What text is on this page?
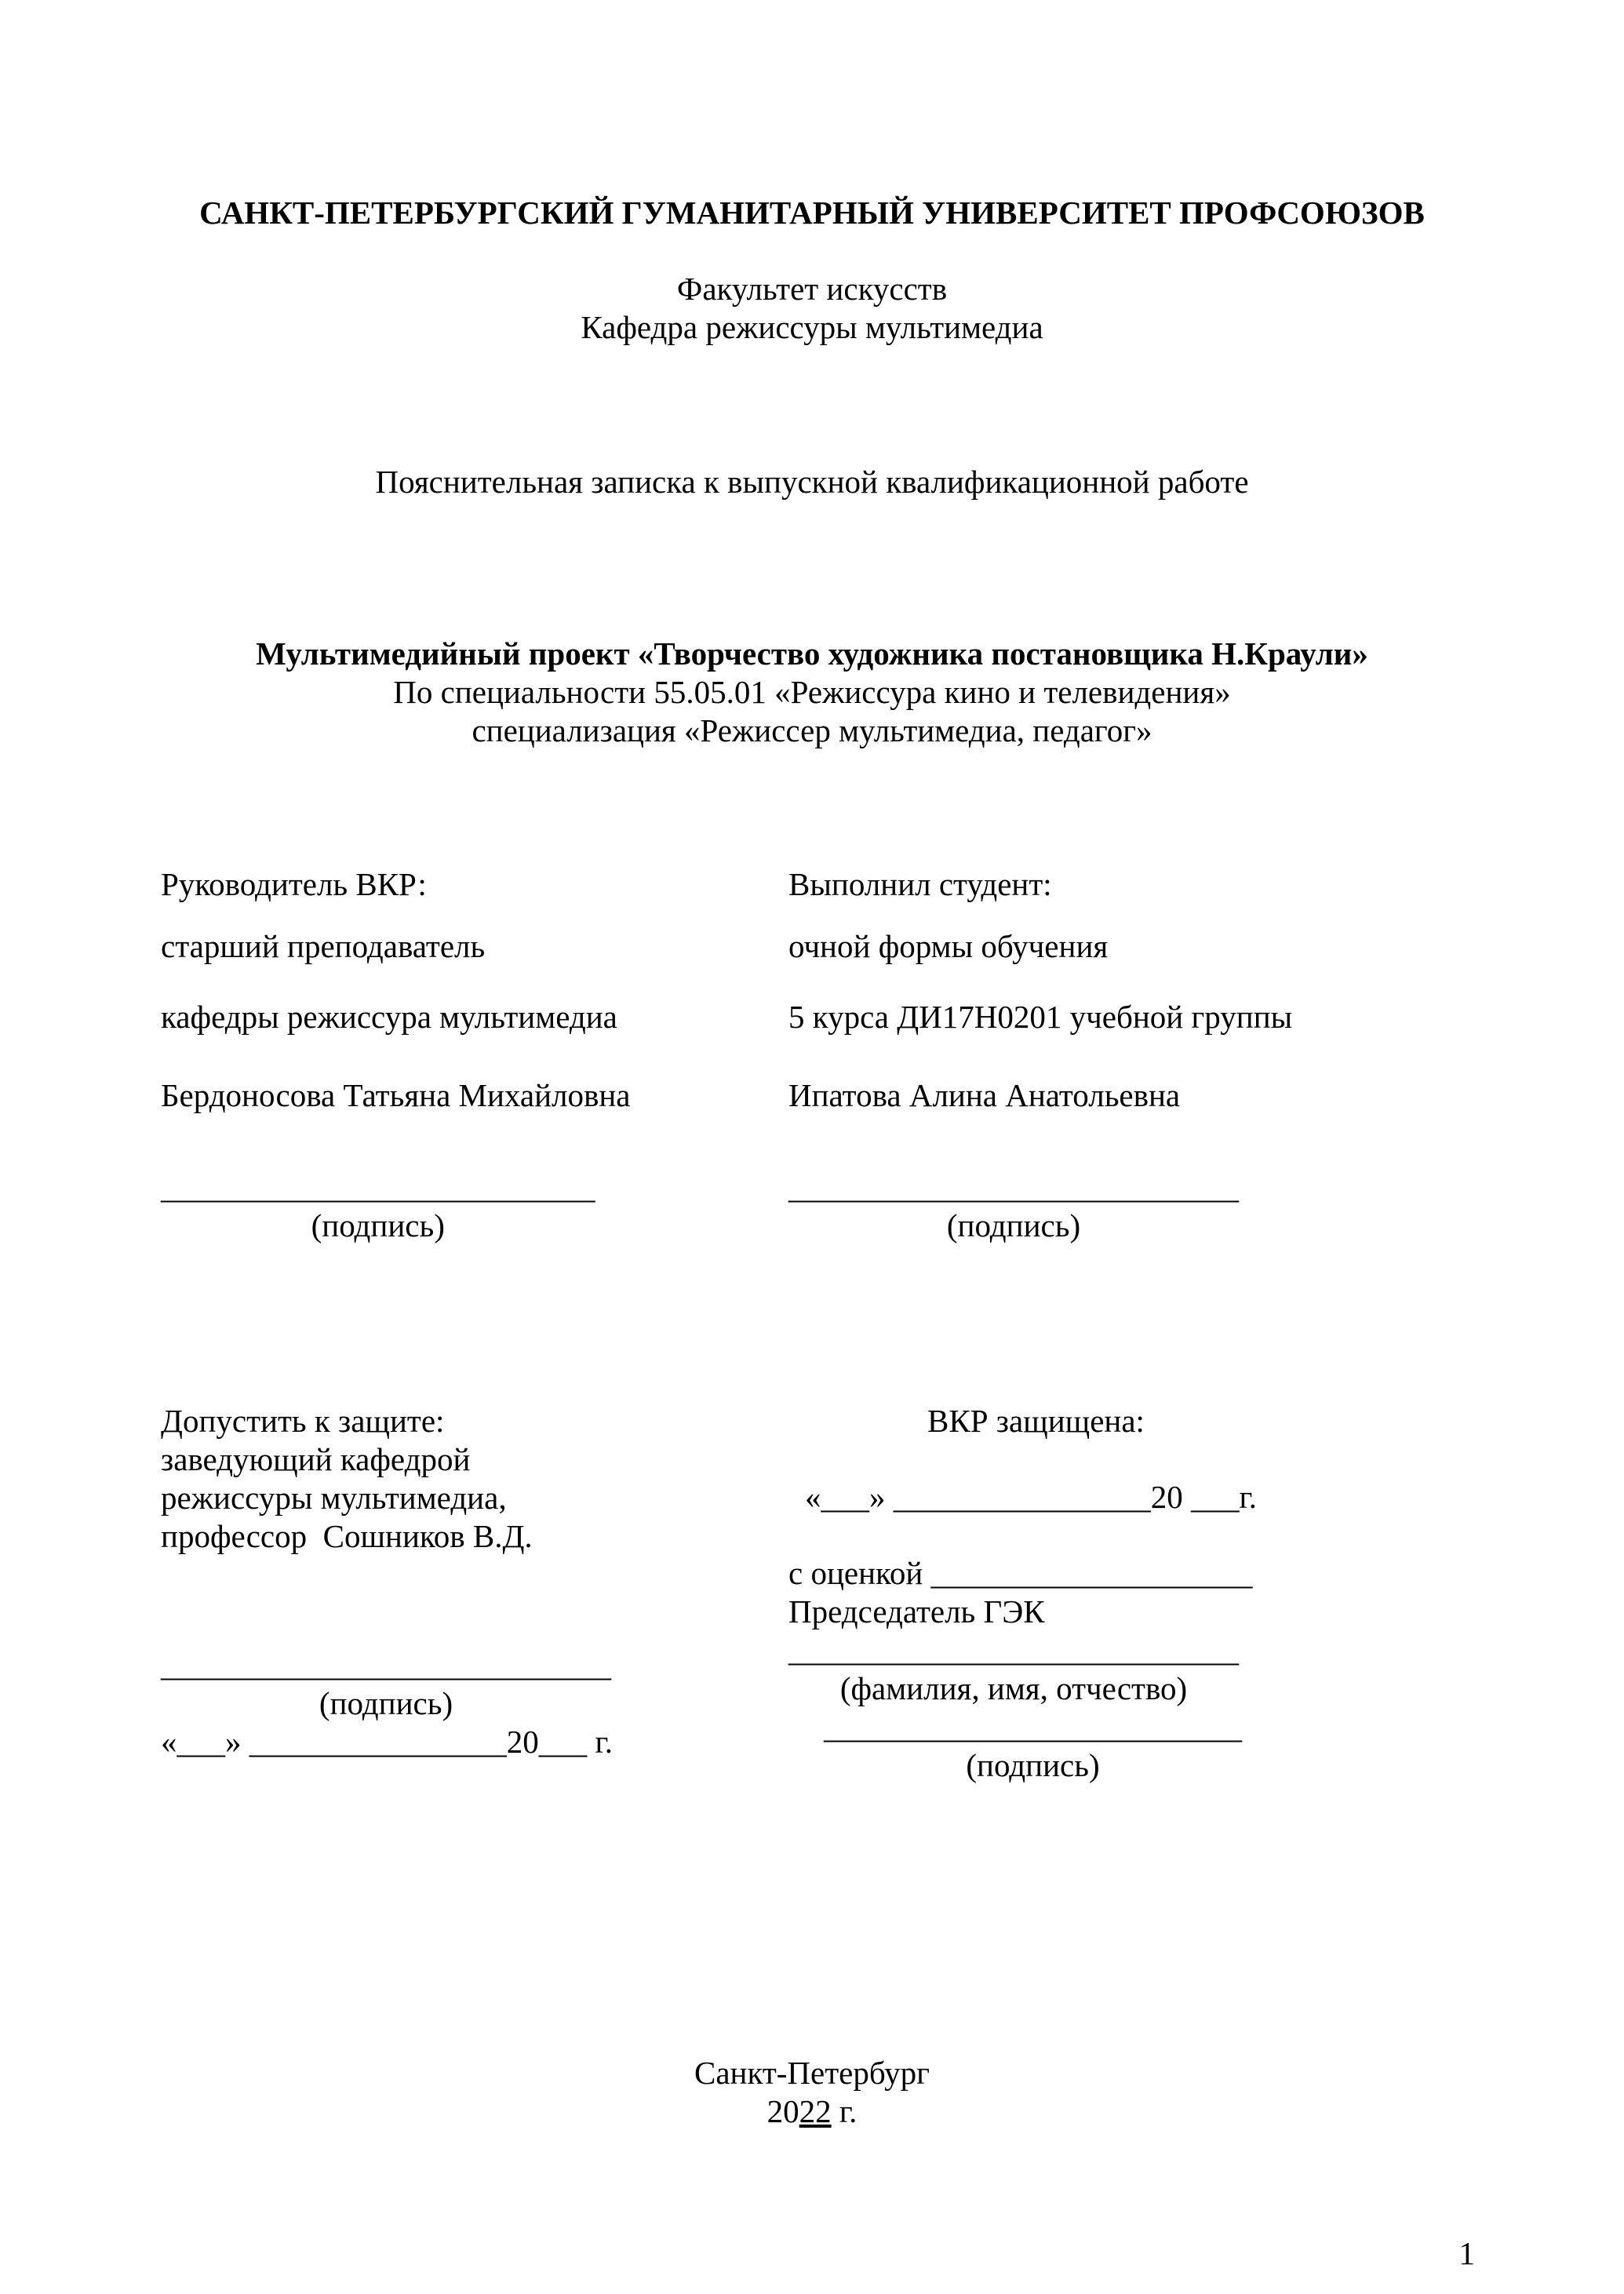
САНКТ-ПЕТЕРБУРГСКИЙ ГУМАНИТАРНЫЙ УНИВЕРСИТЕТ ПРОФСОЮЗОВ

Факультет искусств

Кафедра режиссуры мультимедиа

Пояснительная записка к выпускной квалификационной работе

Мультимедийный проект «Творчество художника постановщика Н.Краули»

По специальности 55.05.01 «Режиссура кино и телевидения»

специализация «Режиссер мультимедиа, педагог»

Руководитель ВКР:

старший преподаватель

кафедры режиссура мультимедиа

Бердоносова Татьяна Михайловна

___________________________
(подпись)

Выполнил студент:

очной формы обучения

5 курса ДИ17Н0201 учебной группы

Ипатова Алина Анатольевна

____________________________
(подпись)

Допустить к защите:

заведующий кафедрой

режиссуры мультимедиа,

профессор  Сошников В.Д.

____________________________
(подпись)

«___» ________________20___ г.

ВКР защищена:

«___» ________________20 ___г.

с оценкой ____________________

Председатель ГЭК

____________________________
(фамилия, имя, отчество)
__________________________
(подпись)

Санкт-Петербург

2022 г.

1
